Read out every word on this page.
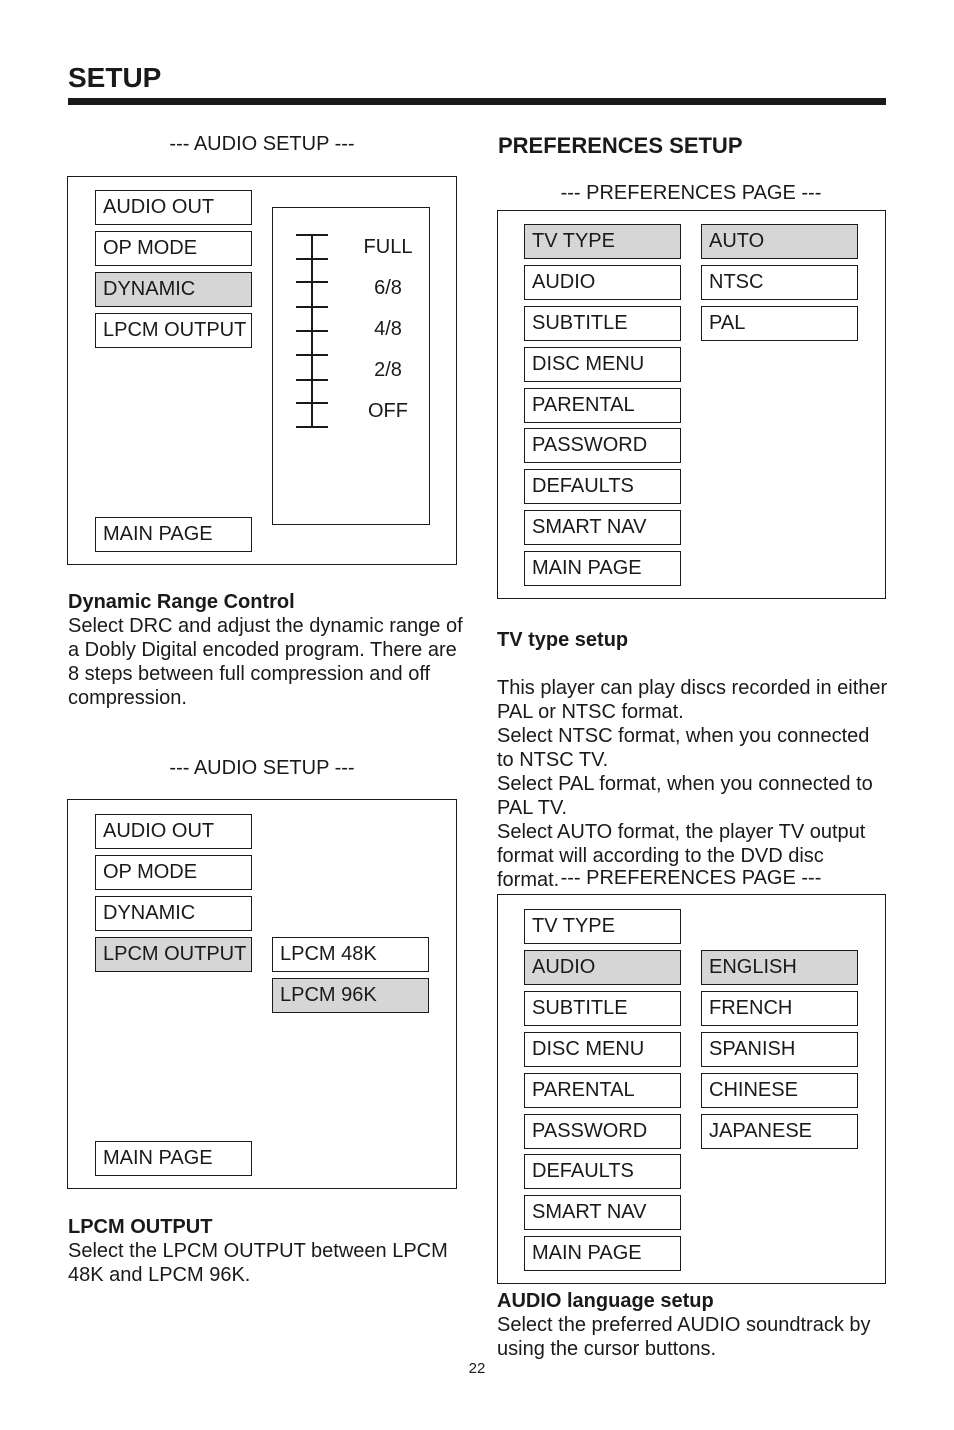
SETUP
--- AUDIO SETUP ---
AUDIO OUT
OP MODE
DYNAMIC
LPCM OUTPUT
MAIN PAGE
FULL
6/8
4/8
2/8
OFF
Dynamic Range Control
Select DRC and adjust the dynamic range of a Dobly Digital encoded program. There are 8 steps between full compression and off compression.
--- AUDIO SETUP ---
AUDIO OUT
OP MODE
DYNAMIC
LPCM OUTPUT	LPCM 48K
LPCM 96K
MAIN PAGE
LPCM OUTPUT
Select the LPCM OUTPUT between LPCM 48K and LPCM 96K.
PREFERENCES SETUP
--- PREFERENCES PAGE ---
TV TYPE
AUDIO
SUBTITLE
DISC MENU
PARENTAL
PASSWORD
DEFAULTS
SMART NAV
MAIN PAGE
AUTO
NTSC
PAL

TV type setup

This player can play discs recorded in either PAL or NTSC format.
Select NTSC format, when you connected to NTSC TV.
Select PAL format, when you connected to PAL TV.
Select AUTO format, the player TV output format will according to the DVD disc format. --- PREFERENCES PAGE ---
TV TYPE
AUDIO
SUBTITLE
DISC MENU
PARENTAL
PASSWORD
DEFAULTS
SMART NAV
MAIN PAGE
ENGLISH
FRENCH
SPANISH
CHINESE
JAPANESE
AUDIO language setup
Select the preferred AUDIO soundtrack by using the cursor buttons.
22
